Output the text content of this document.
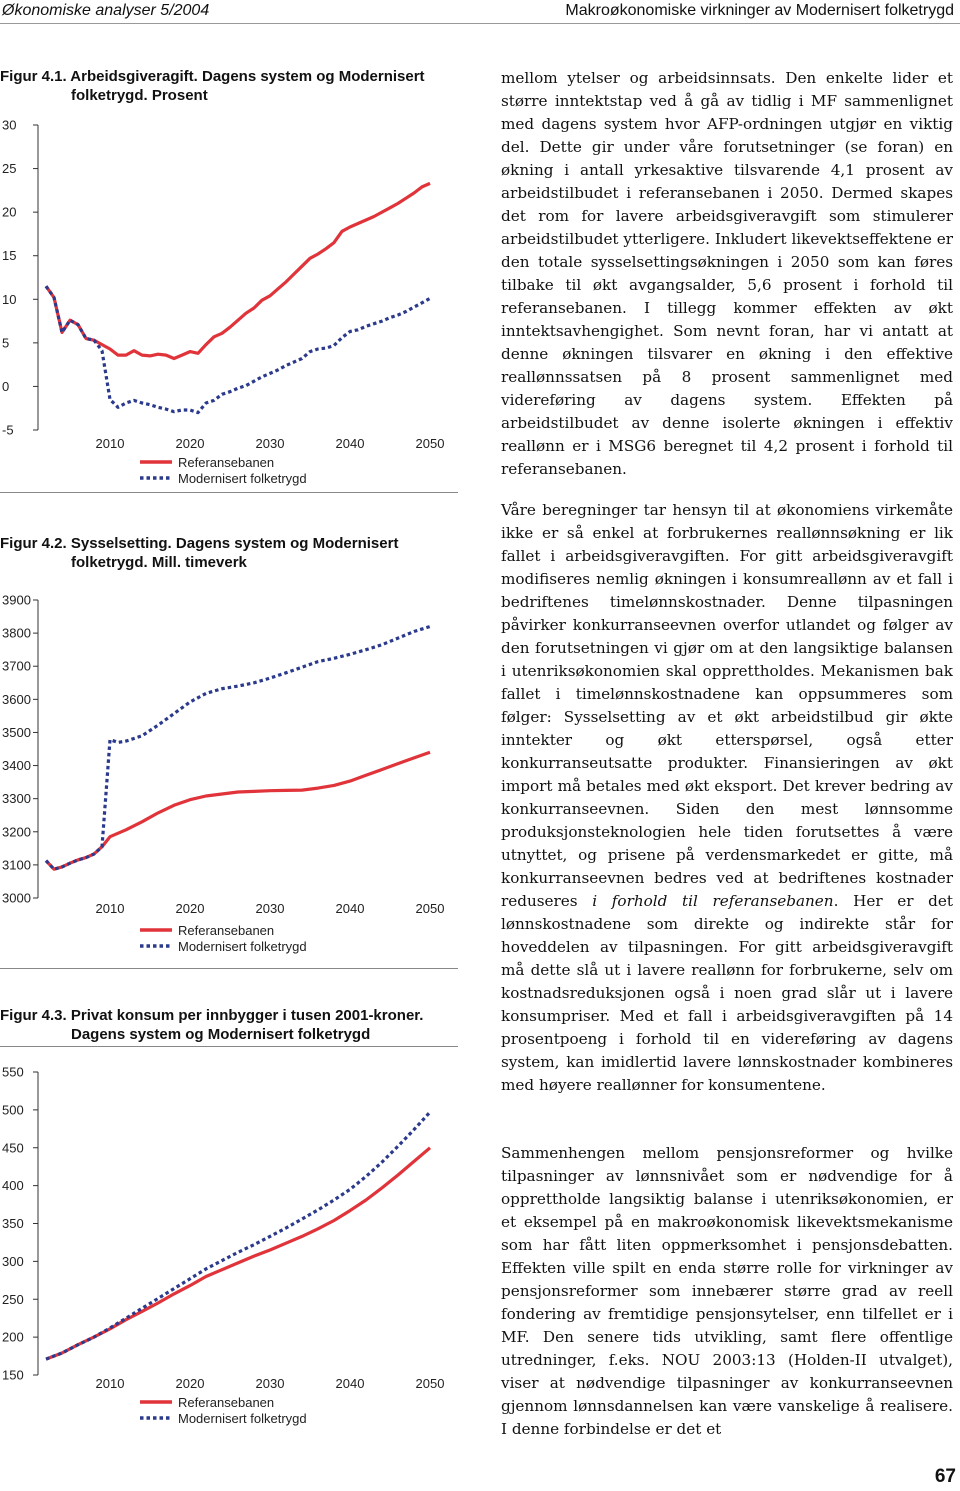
Økonomiske analyser 5/2004	Makroøkonomiske virkninger av Modernisert folketrygd
Figur 4.1. Arbeidsgiveragift. Dagens system og Modernisert
folketrygd. Prosent
30
25
20
15
10
5
0
-5
2010	2020	2030	2040	2050
Referansebanen
Modernisert folketrygd
Figur 4.2. Sysselsetting. Dagens system og Modernisert
folketrygd. Mill. timeverk
3900
3800
3700
3600
3500
3400
3300
3200
3100
3000
2010	2020	2030	2040	2050
Referansebanen
Modernisert folketrygd
Figur 4.3. Privat konsum per innbygger i tusen 2001-kroner.
Dagens system og Modernisert folketrygd
550
500
450
400
350
300
250
200
150
2010	2020	2030	2040	2050
Referansebanen
Modernisert folketrygd

mellom ytelser og arbeidsinnsats. Den enkelte lider et større inntektstap ved å gå av tidlig i MF sammenlignet med dagens system hvor AFP-ordningen utgjør en viktig del. Dette gir under våre forutsetninger (se foran) en økning i antall yrkesaktive tilsvarende 4,1 prosent av arbeidstilbudet i referansebanen i 2050. Dermed skapes det rom for lavere arbeidsgiveravgift som stimulerer arbeidstilbudet ytterligere. Inkludert likevektseffektene er den totale sysselsettingsøkningen i 2050 som kan føres tilbake til økt avgangsalder, 5,6 prosent i forhold til referansebanen. I tillegg kommer effekten av økt inntektsavhengighet. Som nevnt foran, har vi antatt at denne økningen tilsvarer en økning i den effektive reallønnssatsen på 8 prosent sammenlignet med videreføring av dagens system. Effekten på arbeidstilbudet av denne isolerte økningen i effektiv reallønn er i MSG6 beregnet til 4,2 prosent i forhold til referansebanen.

Våre beregninger tar hensyn til at økonomiens virkemåte ikke er så enkel at forbrukernes reallønnsøkning er lik fallet i arbeidsgiveravgiften. For gitt arbeidsgiveravgift modifiseres nemlig økningen i konsumreallønn av et fall i bedriftenes timelønnskostnader. Denne tilpasningen påvirker konkurranseevnen overfor utlandet og følger av den forutsetningen vi gjør om at den langsiktige balansen i utenriksøkonomien skal opprettholdes. Mekanismen bak fallet i timelønnskostnadene kan oppsummeres som følger: Sysselsetting av et økt arbeidstilbud gir økte inntekter og økt etterspørsel, også etter konkurranseutsatte produkter. Finansieringen av økt import må betales med økt eksport. Det krever bedring av konkurranseevnen. Siden den mest lønnsomme produksjonsteknologien hele tiden forutsettes å være utnyttet, og prisene på verdensmarkedet er gitte, må konkurranseevnen bedres ved at bedriftenes kostnader reduseres i forhold til referansebanen. Her er det lønnskostnadene som direkte og indirekte står for hoveddelen av tilpasningen. For gitt arbeidsgiveravgift må dette slå ut i lavere reallønn for forbrukerne, selv om kostnadsreduksjonen også i noen grad slår ut i lavere konsumpriser. Med et fall i arbeidsgiveravgiften på 14 prosentpoeng i forhold til en videreføring av dagens system, kan imidlertid lavere lønnskostnader kombineres med høyere reallønner for konsumentene.

Sammenhengen mellom pensjonsreformer og hvilke tilpasninger av lønnsnivået som er nødvendige for å opprettholde langsiktig balanse i utenriksøkonomien, er et eksempel på en makroøkonomisk likevektsmekanisme som har fått liten oppmerksomhet i pensjonsdebatten. Effekten ville spilt en enda større rolle for virkninger av pensjonsreformer som innebærer større grad av reell fondering av fremtidige pensjonsytelser, enn tilfellet er i MF. Den senere tids utvikling, samt flere offentlige utredninger, f.eks. NOU 2003:13 (Holden-II utvalget), viser at nødvendige tilpasninger av konkurranseevnen gjennom lønnsdannelsen kan være vanskelige å realisere. I denne forbindelse er det et

67
